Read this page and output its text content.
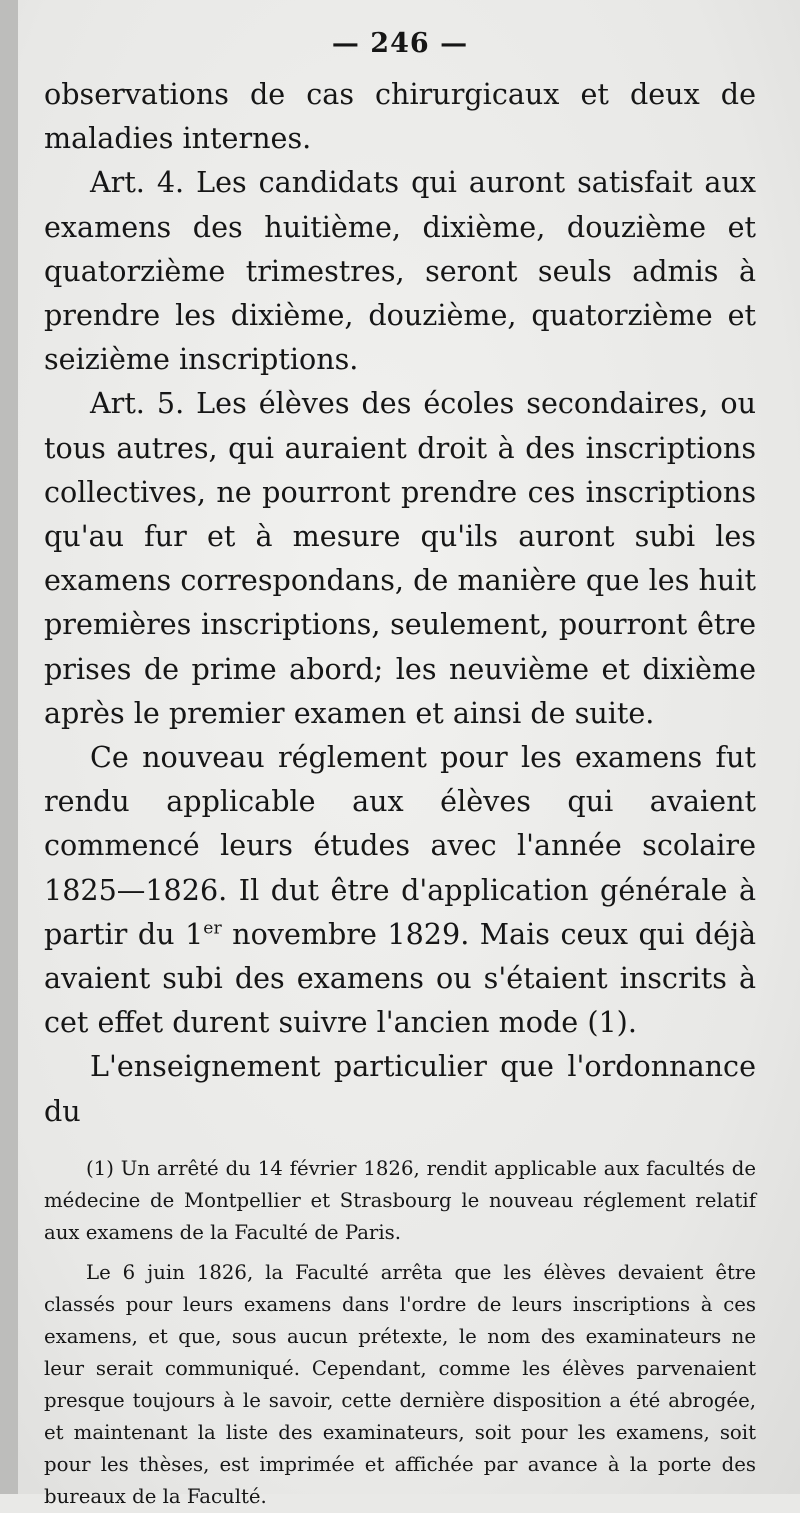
— 246 —

observations de cas chirurgicaux et deux de maladies internes.

Art. 4. Les candidats qui auront satisfait aux examens des huitième, dixième, douzième et quatorzième trimestres, seront seuls admis à prendre les dixième, douzième, quatorzième et seizième inscriptions.

Art. 5. Les élèves des écoles secondaires, ou tous autres, qui auraient droit à des inscriptions collectives, ne pourront prendre ces inscriptions qu'au fur et à mesure qu'ils auront subi les examens correspondans, de manière que les huit premières inscriptions, seulement, pourront être prises de prime abord; les neuvième et dixième après le premier examen et ainsi de suite.

Ce nouveau réglement pour les examens fut rendu applicable aux élèves qui avaient commencé leurs études avec l'année scolaire 1825—1826. Il dut être d'application générale à partir du 1er novembre 1829. Mais ceux qui déjà avaient subi des examens ou s'étaient inscrits à cet effet durent suivre l'ancien mode (1).

L'enseignement particulier que l'ordonnance du

(1) Un arrêté du 14 février 1826, rendit applicable aux facultés de médecine de Montpellier et Strasbourg le nouveau réglement relatif aux examens de la Faculté de Paris.

Le 6 juin 1826, la Faculté arrêta que les élèves devaient être classés pour leurs examens dans l'ordre de leurs inscriptions à ces examens, et que, sous aucun prétexte, le nom des examinateurs ne leur serait communiqué. Cependant, comme les élèves parvenaient presque toujours à le savoir, cette dernière disposition a été abrogée, et maintenant la liste des examinateurs, soit pour les examens, soit pour les thèses, est imprimée et affichée par avance à la porte des bureaux de la Faculté.
